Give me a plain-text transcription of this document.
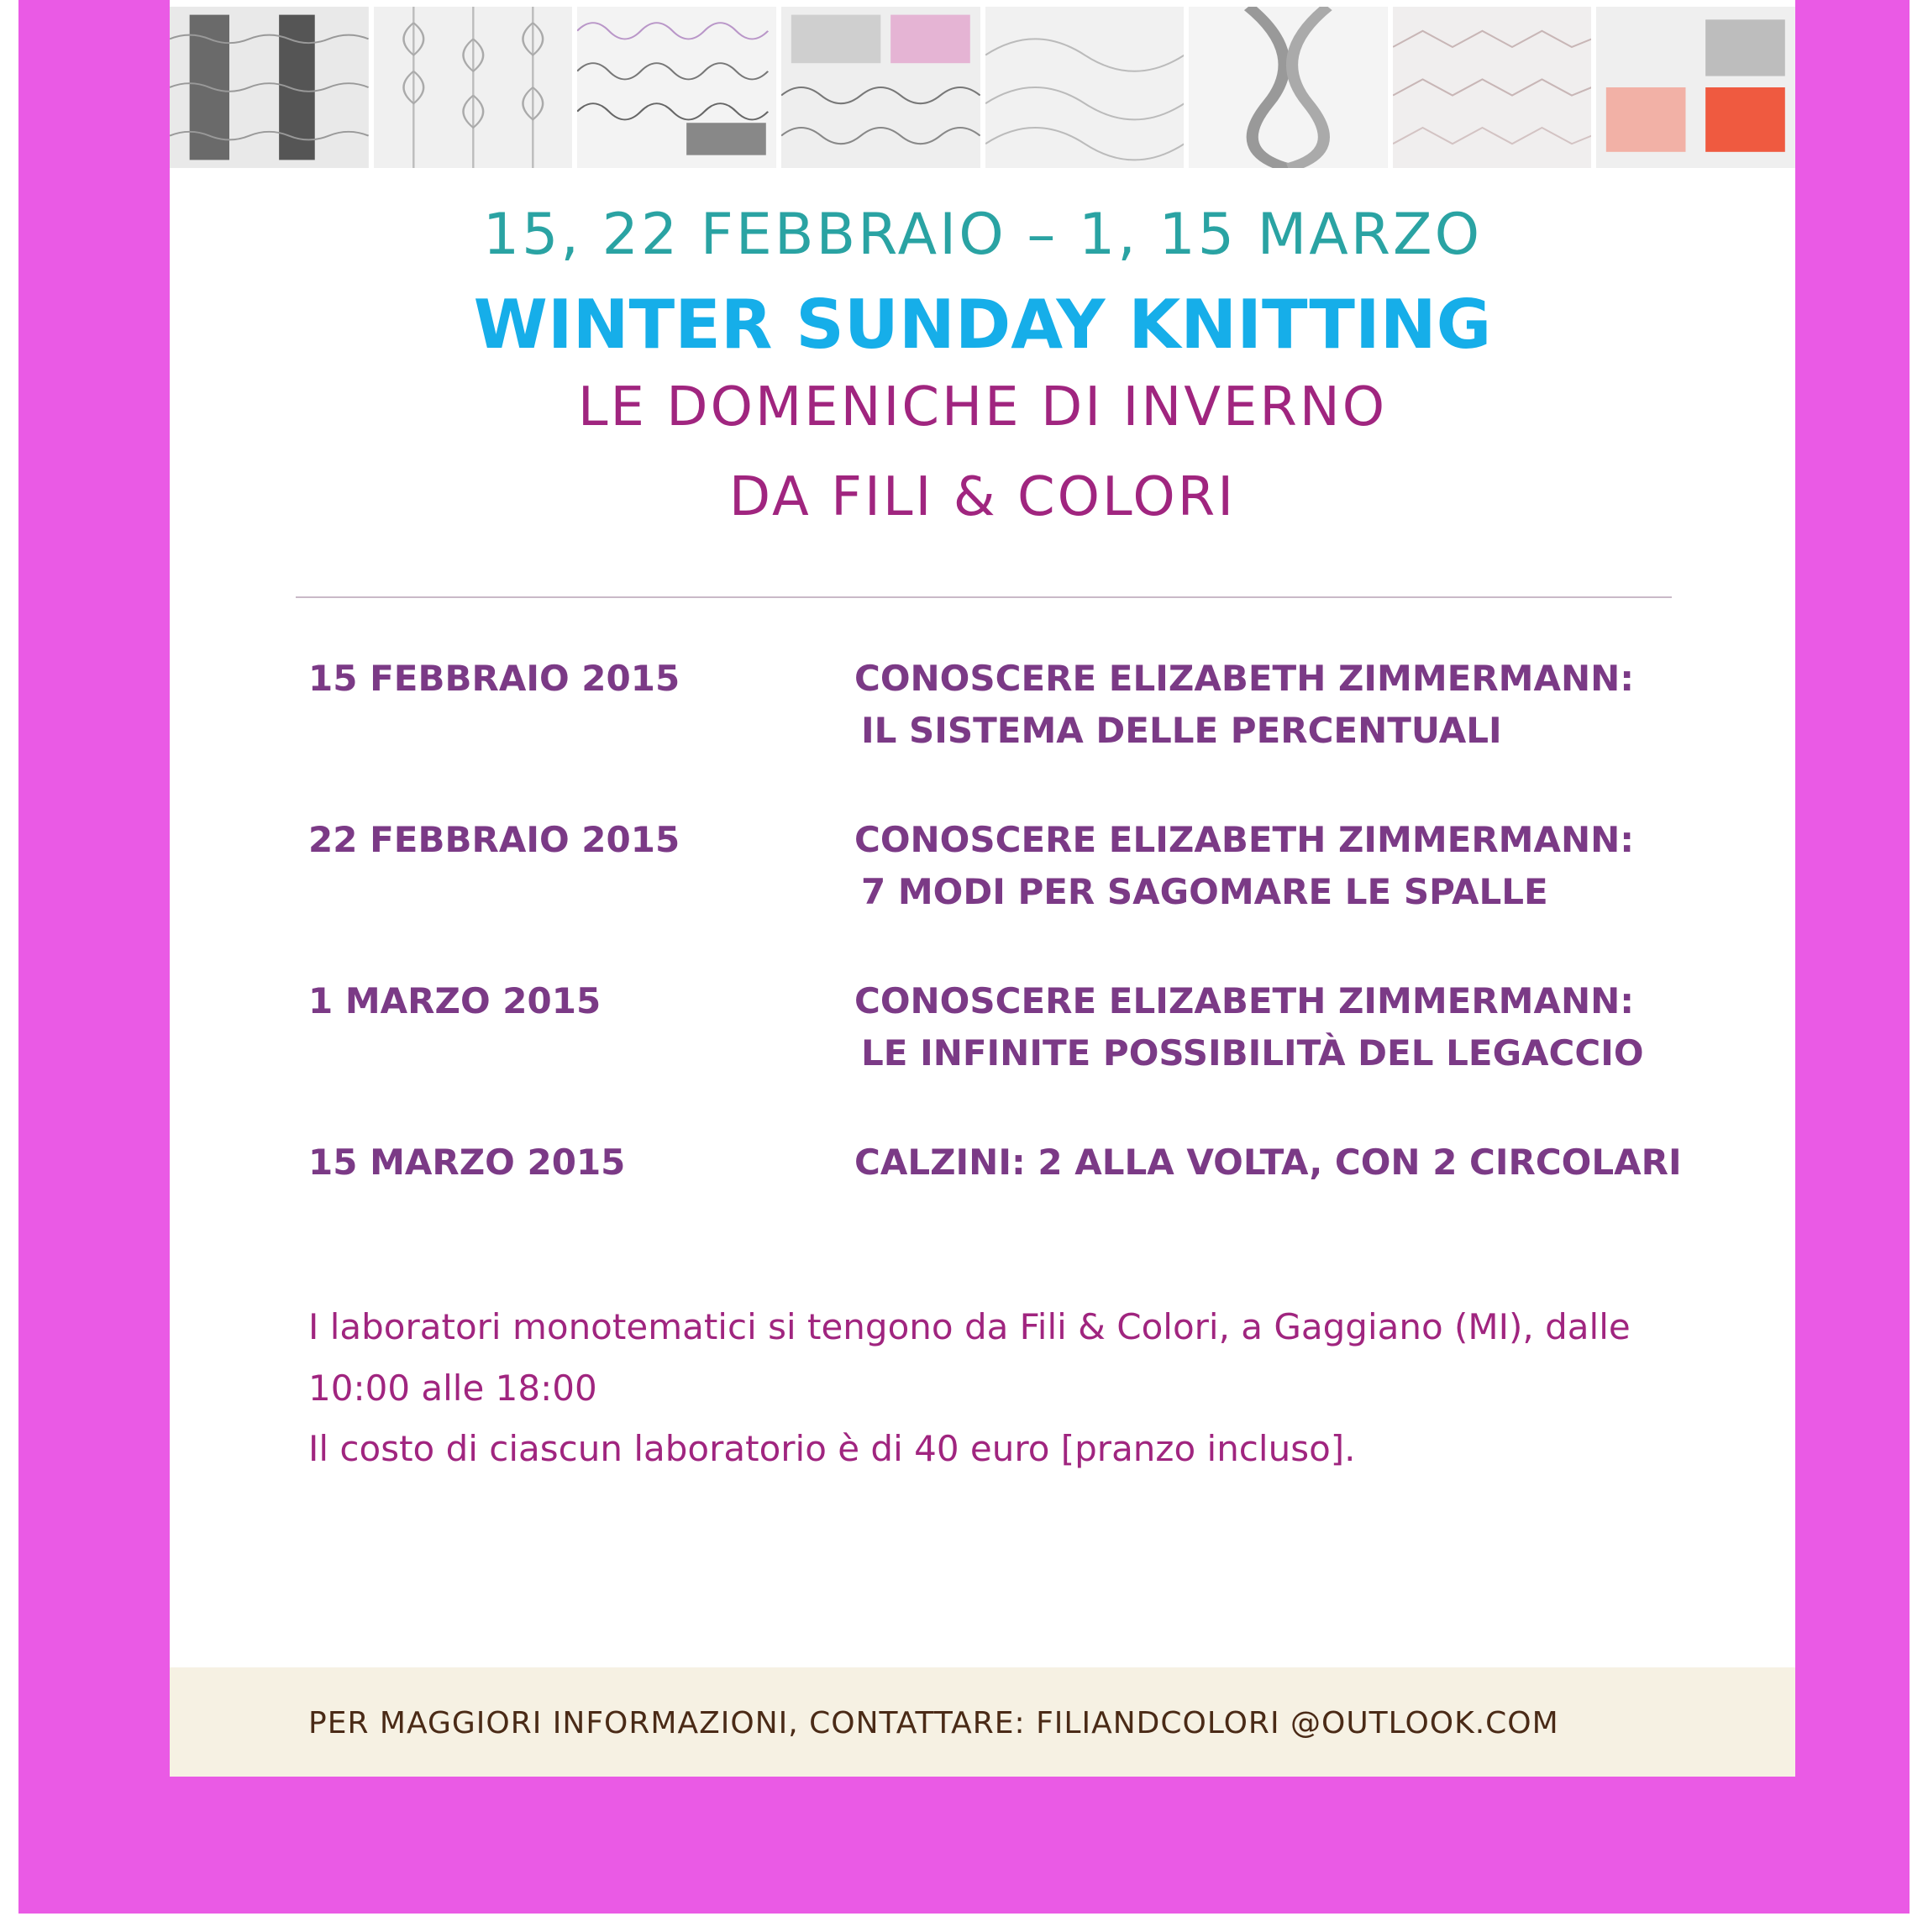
15, 22 FEBBRAIO – 1, 15 MARZO
WINTER SUNDAY KNITTING
LE DOMENICHE DI INVERNO
DA FILI & COLORI
15 FEBBRAIO 2015	CONOSCERE ELIZABETH ZIMMERMANN:
IL SISTEMA DELLE PERCENTUALI
22 FEBBRAIO 2015	CONOSCERE ELIZABETH ZIMMERMANN:
7 MODI PER SAGOMARE LE SPALLE
1 MARZO 2015	CONOSCERE ELIZABETH ZIMMERMANN:
LE INFINITE POSSIBILITÀ DEL LEGACCIO
15 MARZO 2015	CALZINI: 2 ALLA VOLTA, CON 2 CIRCOLARI
I laboratori monotematici si tengono da Fili & Colori, a Gaggiano (MI), dalle
10:00 alle 18:00
Il costo di ciascun laboratorio è di 40 euro [pranzo incluso].
PER MAGGIORI INFORMAZIONI, CONTATTARE: FILIANDCOLORI @OUTLOOK.COM
